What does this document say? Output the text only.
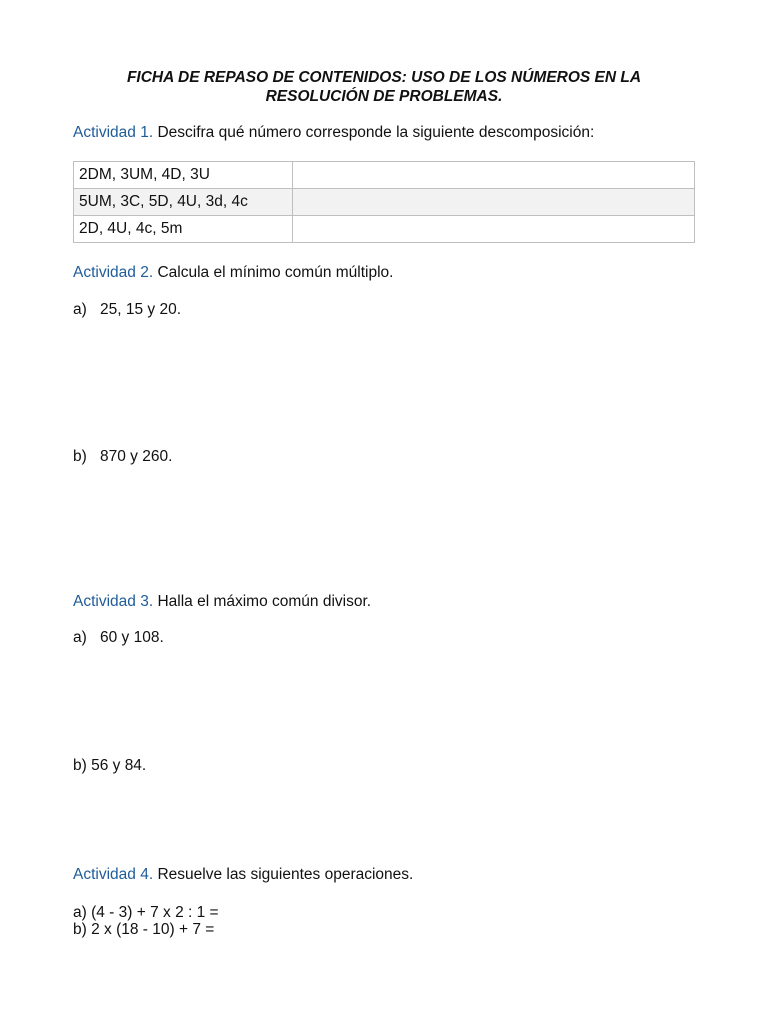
FICHA DE REPASO DE CONTENIDOS: USO DE LOS NÚMEROS EN LA
RESOLUCIÓN DE PROBLEMAS.
Actividad 1. Descifra qué número corresponde la siguiente descomposición:
2DM, 3UM, 4D, 3U	
5UM, 3C, 5D, 4U, 3d, 4c	
2D, 4U, 4c, 5m	
Actividad 2. Calcula el mínimo común múltiplo.
a) 25, 15 y 20.
b) 870 y 260.
Actividad 3. Halla el máximo común divisor.
a) 60 y 108.
b) 56 y 84.
Actividad 4. Resuelve las siguientes operaciones.
a) (4 - 3) + 7 x 2 : 1 =
b) 2 x (18 - 10) + 7 =
